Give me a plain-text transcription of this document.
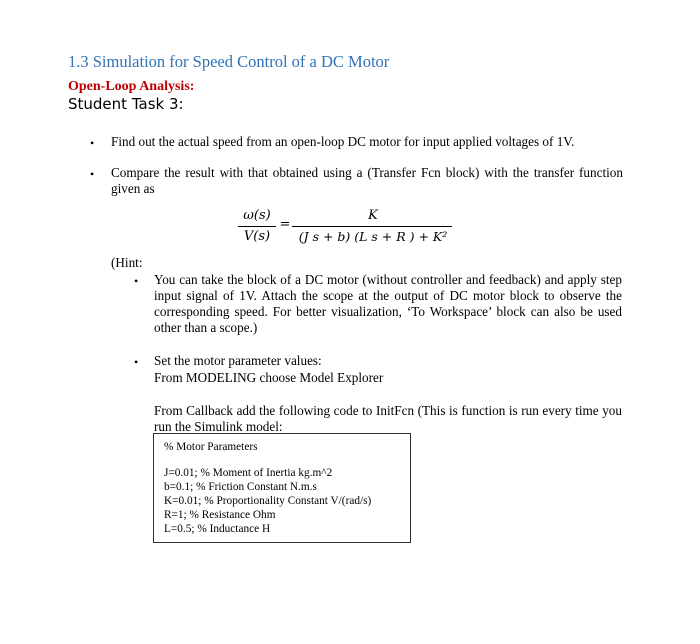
1.3 Simulation for Speed Control of a DC Motor
Open-Loop Analysis:
Student Task 3:
• Find out the actual speed from an open-loop DC motor for input applied voltages of 1V.
• Compare the result with that obtained using a (Transfer Fcn block) with the transfer function given as
ω(s)
V(s)
=
K
(J s + b) (L s + R ) + K²
(Hint:
• You can take the block of a DC motor (without controller and feedback) and apply step input signal of 1V. Attach the scope at the output of DC motor block to observe the corresponding speed. For better visualization, ‘To Workspace’ block can also be used other than a scope.)
• Set the motor parameter values:
From MODELING choose Model Explorer
From Callback add the following code to InitFcn (This is function is run every time you run the Simulink model:
% Motor Parameters
J=0.01; % Moment of Inertia kg.m^2
b=0.1; % Friction Constant N.m.s
K=0.01; % Proportionality Constant V/(rad/s)
R=1; % Resistance Ohm
L=0.5; % Inductance H
